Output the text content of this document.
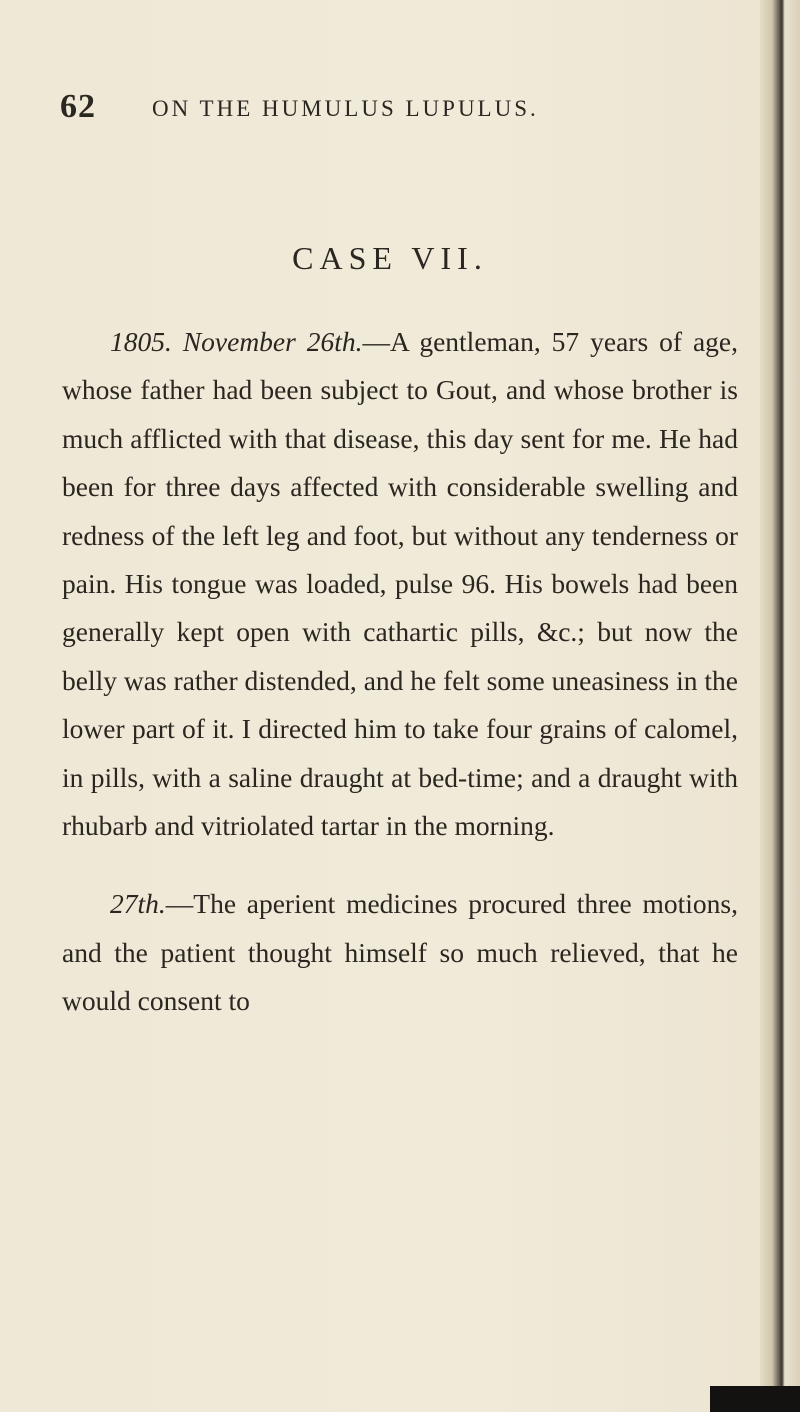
62 ON THE HUMULUS LUPULUS.
CASE VII.

1805. November 26th.—A gentleman, 57 years of age, whose father had been subject to Gout, and whose brother is much afflicted with that disease, this day sent for me. He had been for three days affected with considerable swelling and redness of the left leg and foot, but without any tenderness or pain. His tongue was loaded, pulse 96. His bowels had been generally kept open with cathartic pills, &c.; but now the belly was rather distended, and he felt some uneasiness in the lower part of it. I directed him to take four grains of calomel, in pills, with a saline draught at bed-time; and a draught with rhubarb and vitriolated tartar in the morning.

27th.—The aperient medicines procured three motions, and the patient thought himself so much relieved, that he would consent to
